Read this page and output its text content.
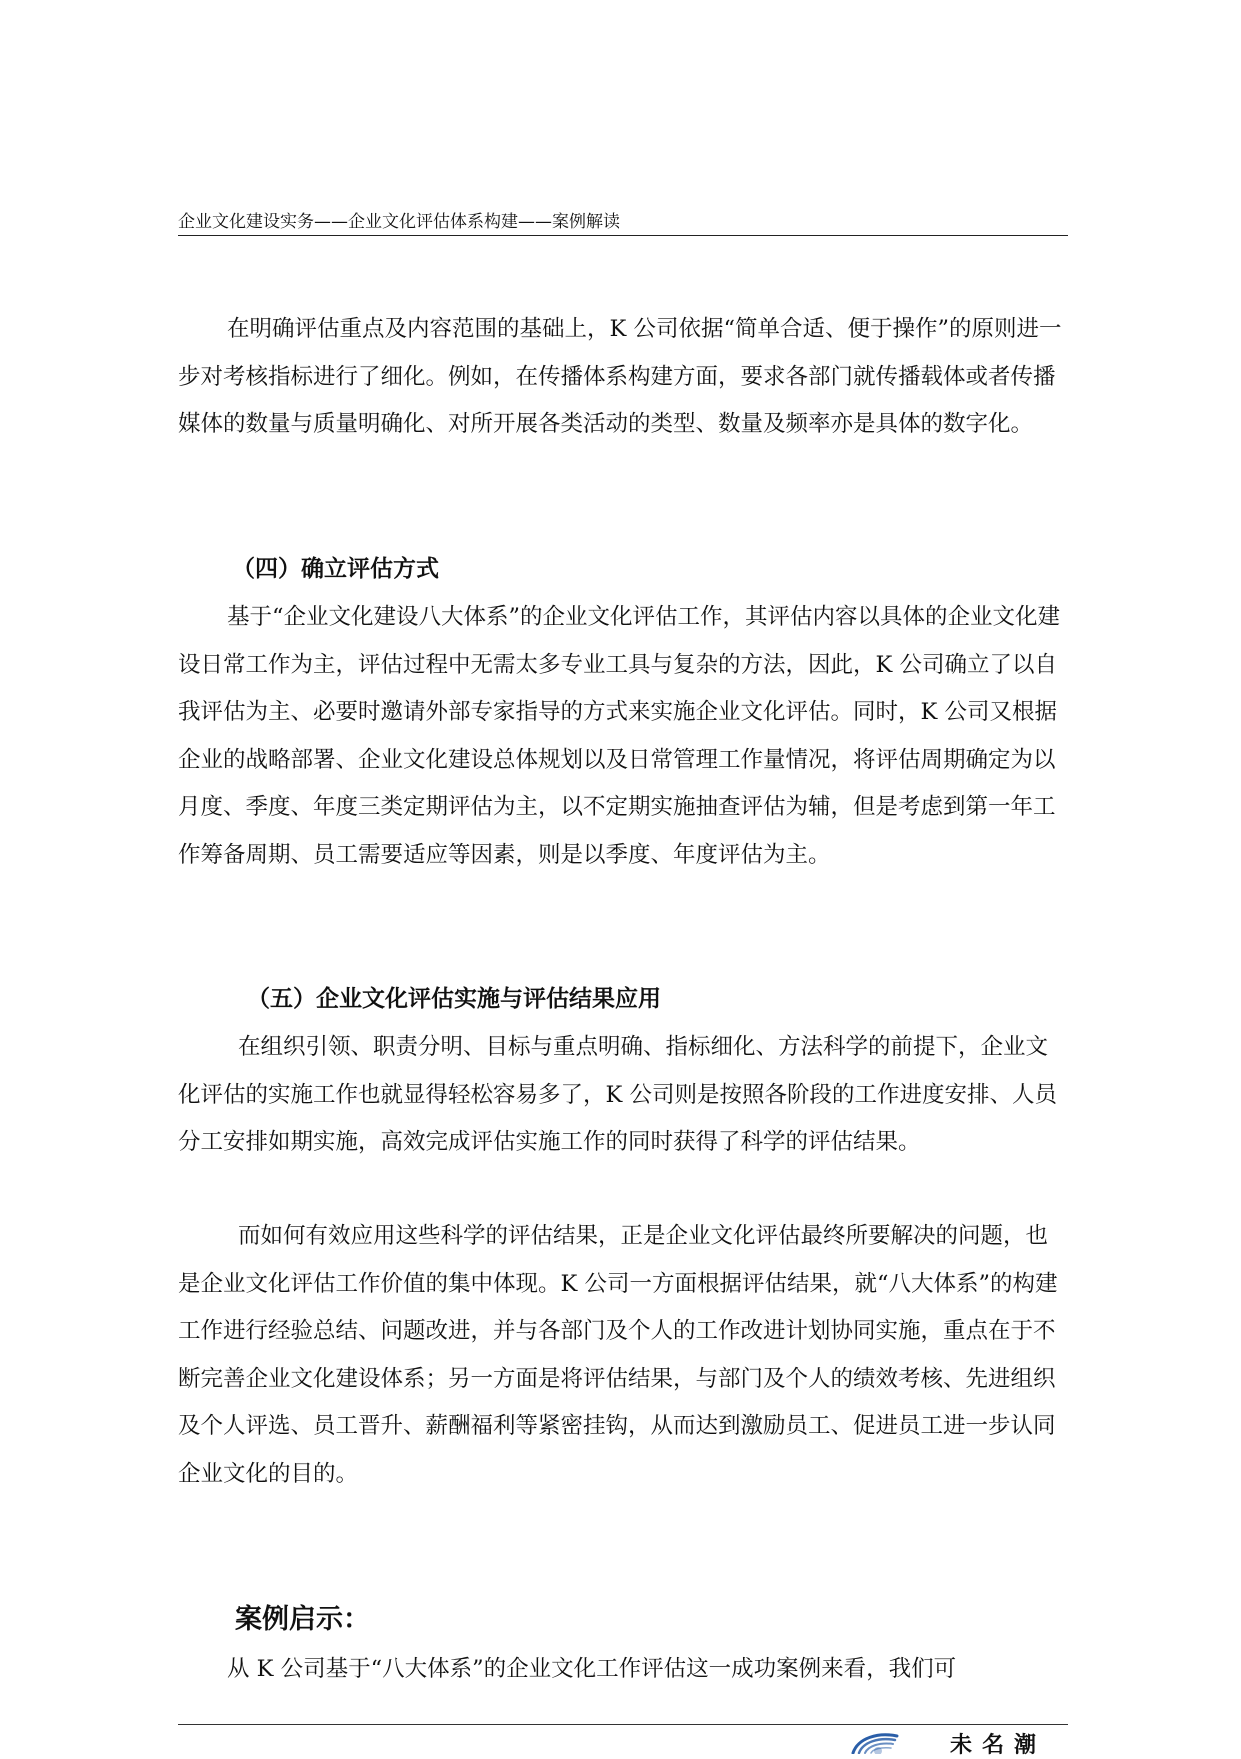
企业文化建设实务——企业文化评估体系构建——案例解读

在明确评估重点及内容范围的基础上，K 公司依据“简单合适、便于操作”的原则进一步对考核指标进行了细化。例如，在传播体系构建方面，要求各部门就传播载体或者传播媒体的数量与质量明确化、对所开展各类活动的类型、数量及频率亦是具体的数字化。

（四）确立评估方式

基于“企业文化建设八大体系”的企业文化评估工作，其评估内容以具体的企业文化建设日常工作为主，评估过程中无需太多专业工具与复杂的方法，因此，K 公司确立了以自我评估为主、必要时邀请外部专家指导的方式来实施企业文化评估。同时，K 公司又根据企业的战略部署、企业文化建设总体规划以及日常管理工作量情况，将评估周期确定为以月度、季度、年度三类定期评估为主，以不定期实施抽查评估为辅，但是考虑到第一年工作筹备周期、员工需要适应等因素，则是以季度、年度评估为主。

（五）企业文化评估实施与评估结果应用

在组织引领、职责分明、目标与重点明确、指标细化、方法科学的前提下，企业文化评估的实施工作也就显得轻松容易多了，K 公司则是按照各阶段的工作进度安排、人员分工安排如期实施，高效完成评估实施工作的同时获得了科学的评估结果。

而如何有效应用这些科学的评估结果，正是企业文化评估最终所要解决的问题，也是企业文化评估工作价值的集中体现。K 公司一方面根据评估结果，就“八大体系”的构建工作进行经验总结、问题改进，并与各部门及个人的工作改进计划协同实施，重点在于不断完善企业文化建设体系；另一方面是将评估结果，与部门及个人的绩效考核、先进组织及个人评选、员工晋升、薪酬福利等紧密挂钩，从而达到激励员工、促进员工进一步认同企业文化的目的。

案例启示：

从 K 公司基于“八大体系”的企业文化工作评估这一成功案例来看，我们可

未名潮
